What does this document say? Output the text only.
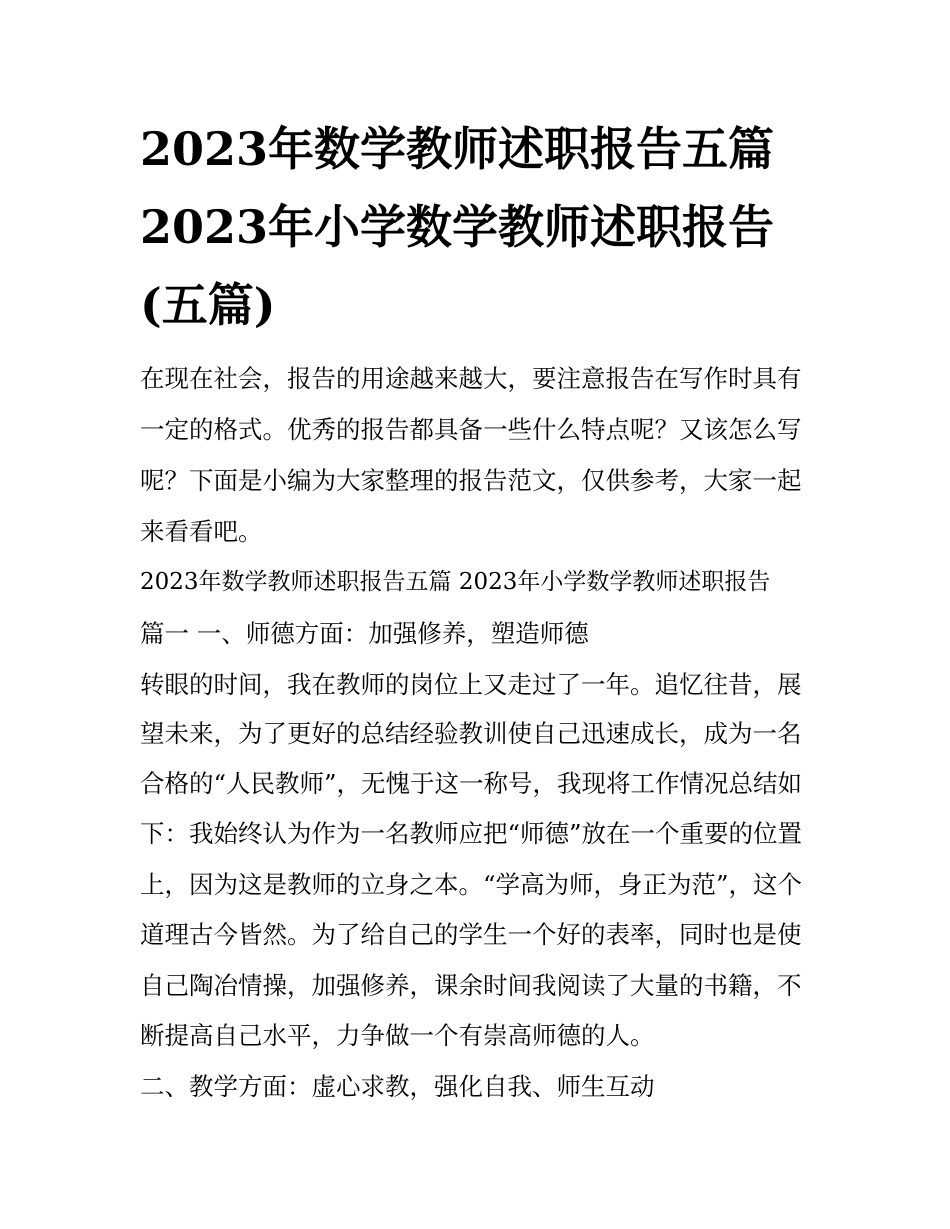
2023年数学教师述职报告五篇
2023年小学数学教师述职报告
(五篇)

在现在社会，报告的用途越来越大，要注意报告在写作时具有

一定的格式。优秀的报告都具备一些什么特点呢？又该怎么写

呢？下面是小编为大家整理的报告范文，仅供参考，大家一起

来看看吧。

2023年数学教师述职报告五篇 2023年小学数学教师述职报告

篇一 一、师德方面：加强修养，塑造师德

转眼的时间，我在教师的岗位上又走过了一年。追忆往昔，展

望未来，为了更好的总结经验教训使自己迅速成长，成为一名

合格的“人民教师”，无愧于这一称号，我现将工作情况总结如

下：我始终认为作为一名教师应把“师德”放在一个重要的位置

上，因为这是教师的立身之本。“学高为师，身正为范”，这个

道理古今皆然。为了给自己的学生一个好的表率，同时也是使

自己陶冶情操，加强修养，课余时间我阅读了大量的书籍，不

断提高自己水平，力争做一个有崇高师德的人。

二、教学方面：虚心求教，强化自我、师生互动
